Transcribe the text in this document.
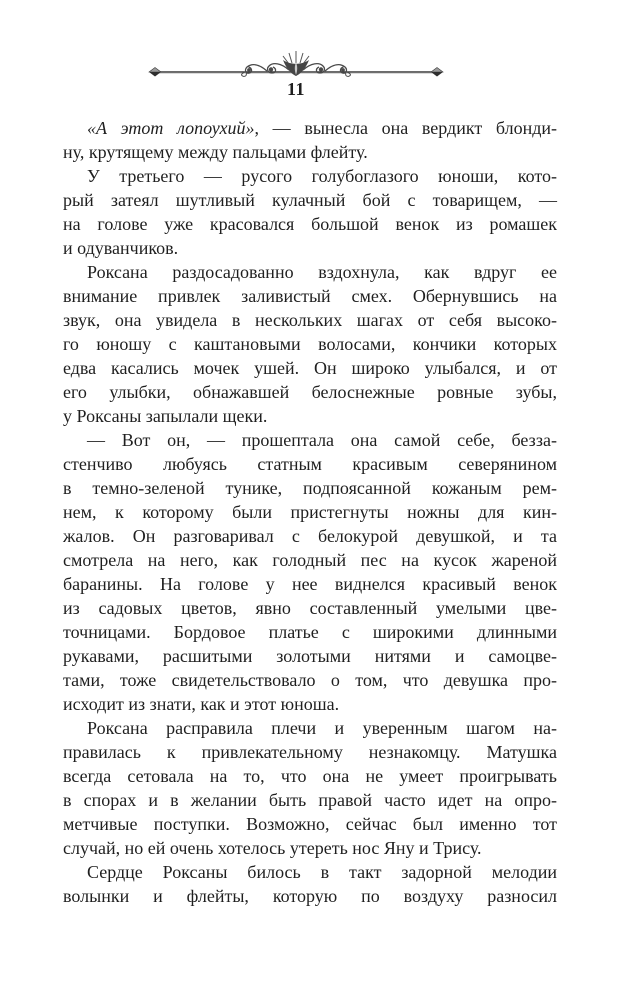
11
«А этот лопоухий», — вынесла она вердикт блонди-
ну, крутящему между пальцами флейту.
У третьего — русого голубоглазого юноши, кото-
рый затеял шутливый кулачный бой с товарищем, —
на голове уже красовался большой венок из ромашек
и одуванчиков.
Роксана раздосадованно вздохнула, как вдруг ее
внимание привлек заливистый смех. Обернувшись на
звук, она увидела в нескольких шагах от себя высоко-
го юношу с каштановыми волосами, кончики которых
едва касались мочек ушей. Он широко улыбался, и от
его улыбки, обнажавшей белоснежные ровные зубы,
у Роксаны запылали щеки.
— Вот он, — прошептала она самой себе, безза-
стенчиво любуясь статным красивым северянином
в темно-зеленой тунике, подпоясанной кожаным рем-
нем, к которому были пристегнуты ножны для кин-
жалов. Он разговаривал с белокурой девушкой, и та
смотрела на него, как голодный пес на кусок жареной
баранины. На голове у нее виднелся красивый венок
из садовых цветов, явно составленный умелыми цве-
точницами. Бордовое платье с широкими длинными
рукавами, расшитыми золотыми нитями и самоцве-
тами, тоже свидетельствовало о том, что девушка про-
исходит из знати, как и этот юноша.
Роксана расправила плечи и уверенным шагом на-
правилась к привлекательному незнакомцу. Матушка
всегда сетовала на то, что она не умеет проигрывать
в спорах и в желании быть правой часто идет на опро-
метчивые поступки. Возможно, сейчас был именно тот
случай, но ей очень хотелось утереть нос Яну и Трису.
Сердце Роксаны билось в такт задорной мелодии
волынки и флейты, которую по воздуху разносил
